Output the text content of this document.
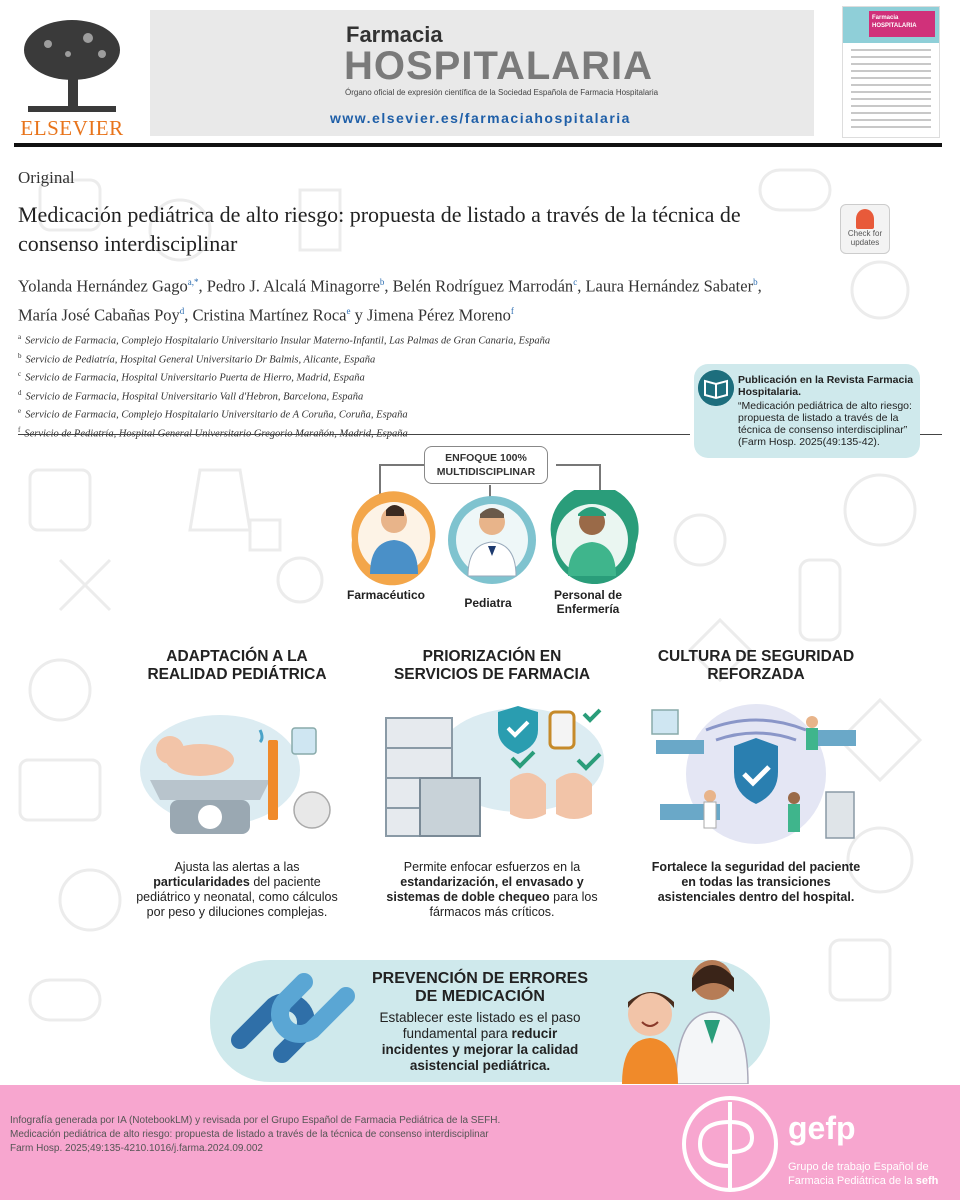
ELSEVIER
Farmacia
HOSPITALARIA
Órgano oficial de expresión científica de la Sociedad Española de Farmacia Hospitalaria
www.elsevier.es/farmaciahospitalaria
Farmacia HOSPITALARIA
Original
Medicación pediátrica de alto riesgo: propuesta de listado a través de la técnica de consenso interdisciplinar	Check for
updates
Yolanda Hernández Gago$^{a,*}$, Pedro J. Alcalá Minagorre$^b$, Belén Rodríguez Marrodán$^c$, Laura Hernández Sabater$^b$,
María José Cabañas Poy$^d$, Cristina Martínez Roca$^e$ y Jimena Pérez Moreno$^f$
$^a$ Servicio de Farmacia, Complejo Hospitalario Universitario Insular Materno-Infantil, Las Palmas de Gran Canaria, España
$^b$ Servicio de Pediatría, Hospital General Universitario Dr Balmis, Alicante, España
$^c$ Servicio de Farmacia, Hospital Universitario Puerta de Hierro, Madrid, España
$^d$ Servicio de Farmacia, Hospital Universitario Vall d'Hebron, Barcelona, España
$^e$ Servicio de Farmacia, Complejo Hospitalario Universitario de A Coruña, Coruña, España
$^f$
Publicación en la Revista Farmacia Hospitalaria.
“Medicación pediátrica de alto riesgo: propuesta de listado a través de la técnica de consenso interdisciplinar” (Farm Hosp. 2025(49:135-42).
ENFOQUE 100%
MULTIDISCIPLINAR
Farmacéutico
Pediatra
Personal de Enfermería
ADAPTACIÓN A LA
REALIDAD PEDIÁTRICA
Ajusta las alertas a las particularidades del paciente pediátrico y neonatal, como cálculos por peso y diluciones complejas.
PRIORIZACIÓN EN
SERVICIOS DE FARMACIA
Permite enfocar esfuerzos en la estandarización, el envasado y sistemas de doble chequeo para los fármacos más críticos.
CULTURA DE SEGURIDAD
REFORZADA
Fortalece la seguridad del paciente en todas las transiciones asistenciales dentro del hospital.
PREVENCIÓN DE ERRORES
DE MEDICACIÓN
Establecer este listado es el paso fundamental para reducir incidentes y mejorar la calidad asistencial pediátrica.
Infografía generada por IA (NotebookLM) y revisada por el Grupo Español de Farmacia Pediátrica de la SEFH.
Medicación pediátrica de alto riesgo: propuesta de listado a través de la técnica de consenso interdisciplinar
Farm Hosp. 2025;49:135-4210.1016/j.farma.2024.09.002
gefp
Grupo de trabajo Español de
Farmacia Pediátrica de la sefh
